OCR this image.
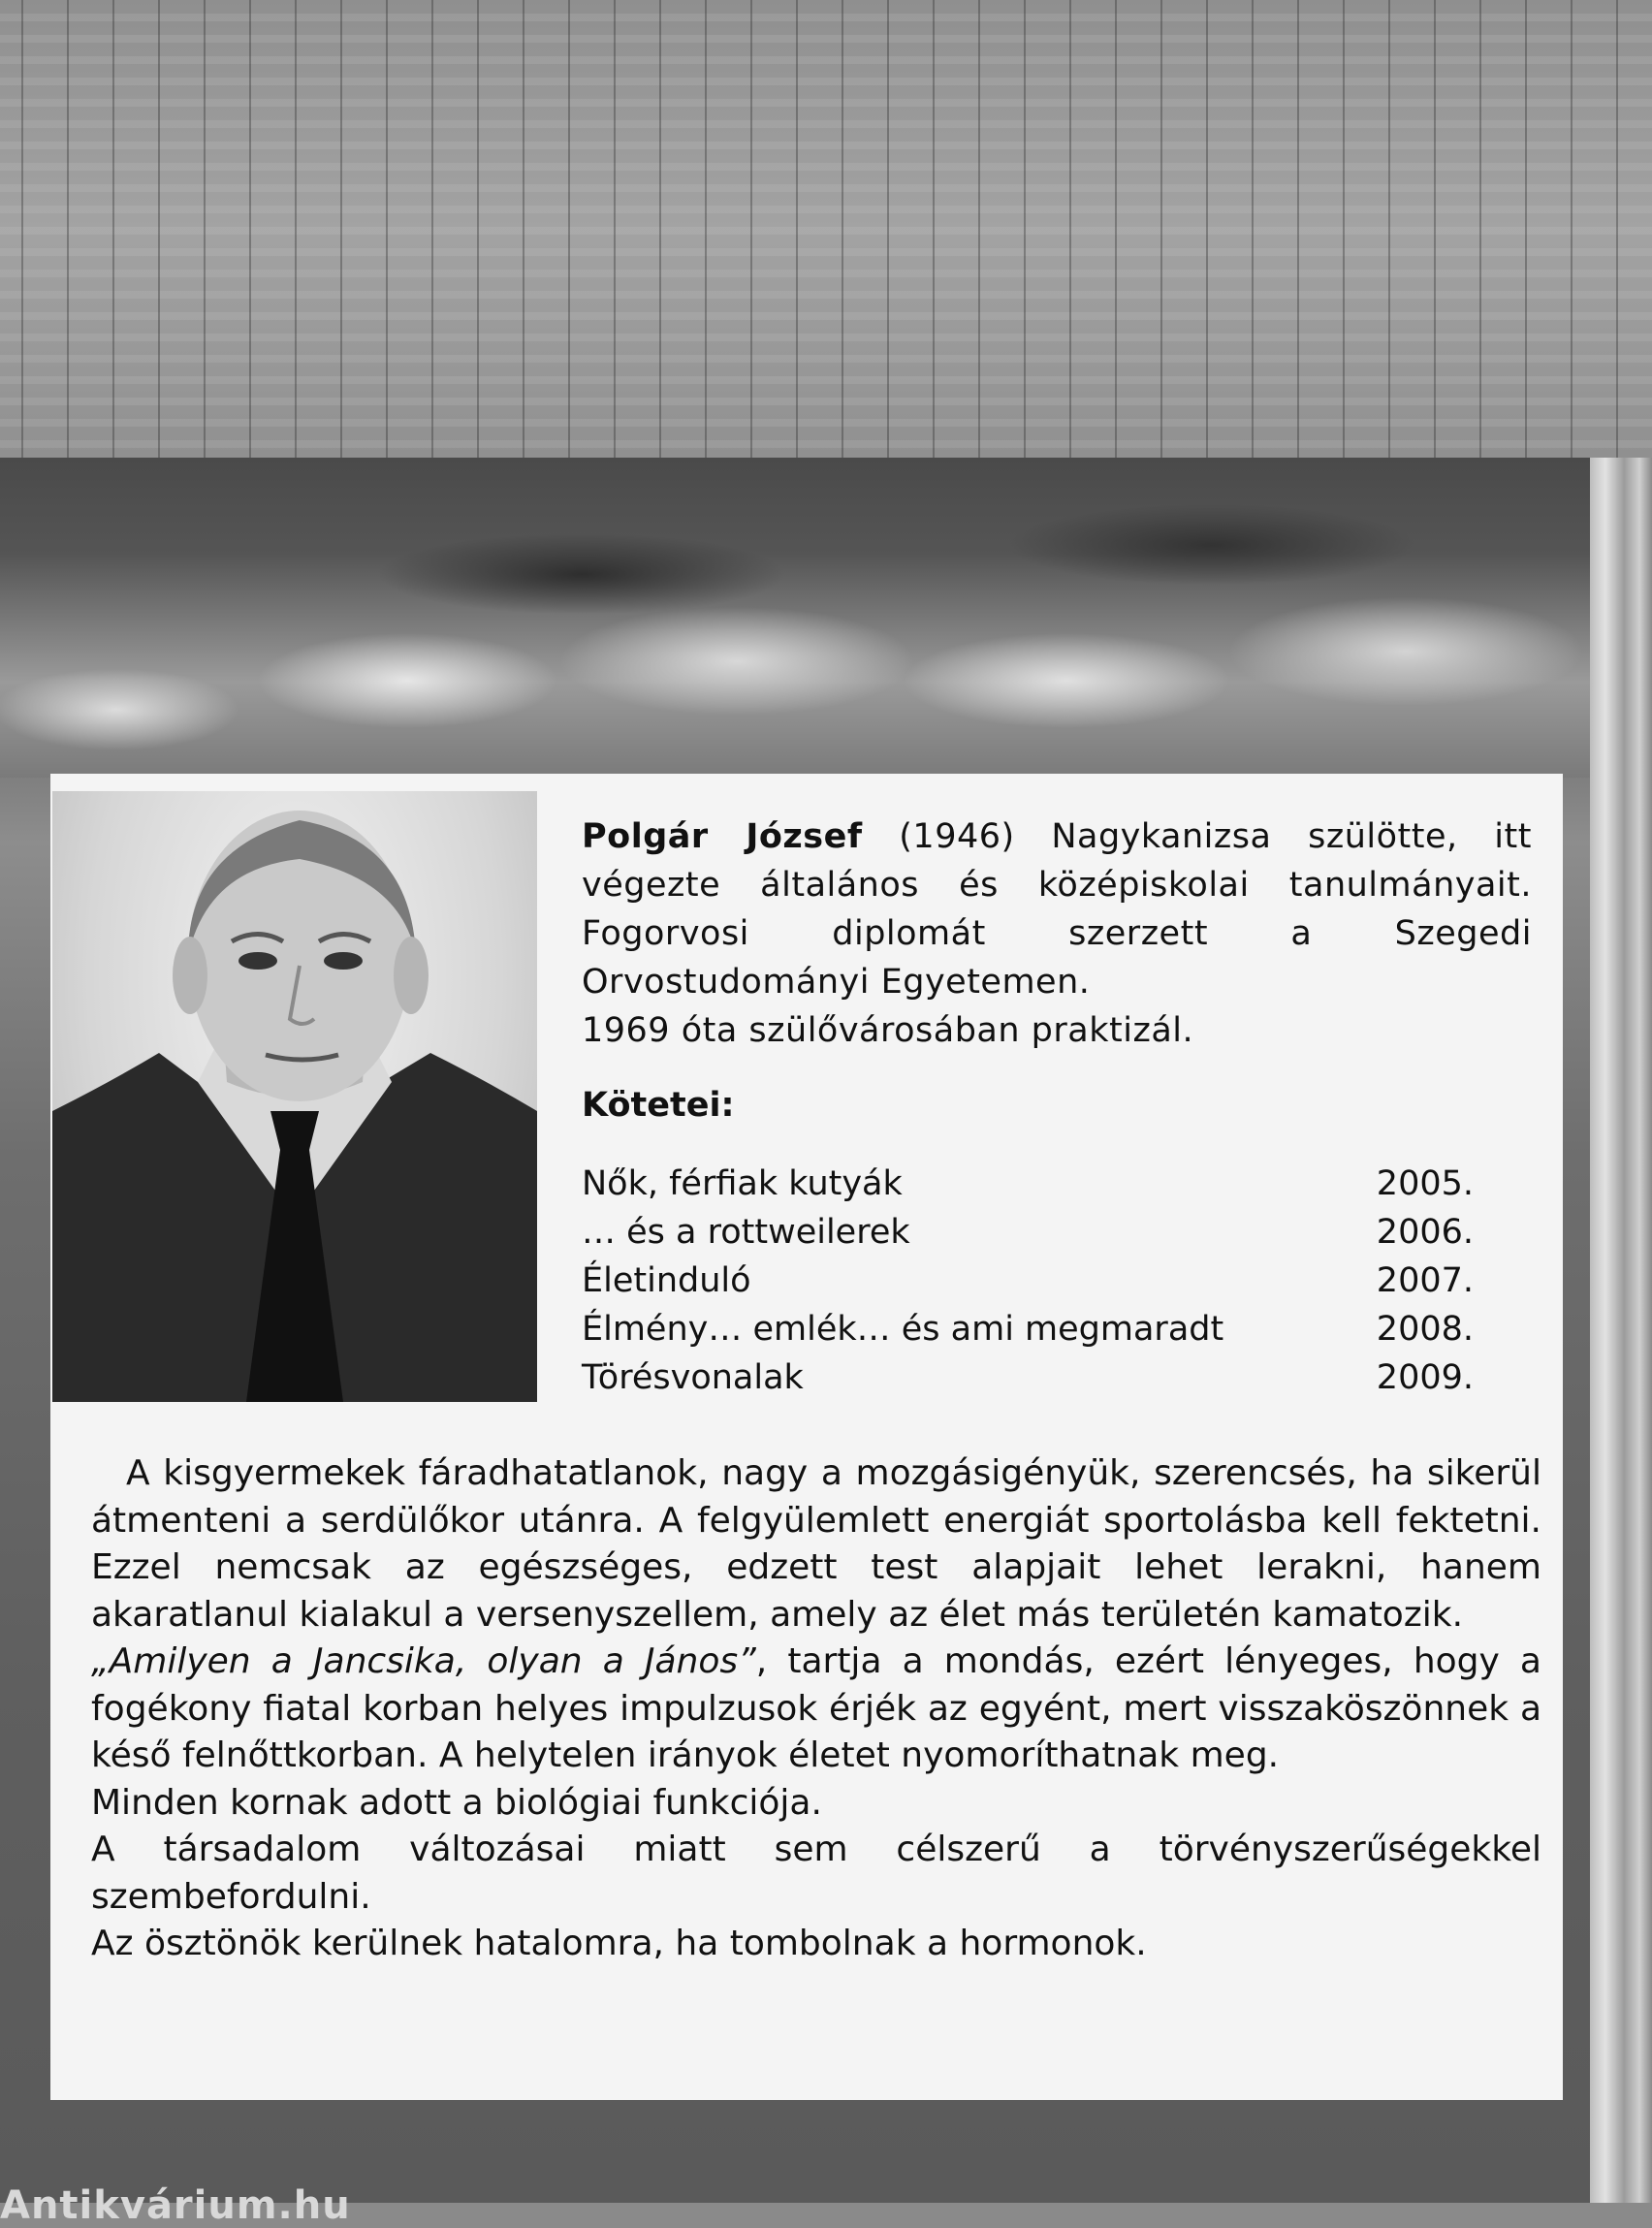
Antikvárium.hu
Polgár József (1946) Nagykanizsa szülötte, itt végezte általános és középiskolai tanulmányait. Fogorvosi diplomát szerzett a Szegedi Orvostudományi Egyetemen.
1969 óta szülővárosában praktizál.
Kötetei:
Nők, férfiak kutyák	2005.
… és a rottweilerek	2006.
Életinduló	2007.
Élmény… emlék… és ami megmaradt	2008.
Törésvonalak	2009.

A kisgyermekek fáradhatatlanok, nagy a mozgásigényük, szerencsés, ha sikerül átmenteni a serdülőkor utánra. A felgyülemlett energiát sportolásba kell fektetni. Ezzel nemcsak az egészséges, edzett test alapjait lehet lerakni, hanem akaratlanul kialakul a versenyszellem, amely az élet más területén kamatozik.

„Amilyen a Jancsika, olyan a János”, tartja a mondás, ezért lényeges, hogy a fogékony fiatal korban helyes impulzusok érjék az egyént, mert visszaköszönnek a késő felnőttkorban. A helytelen irányok életet nyomoríthatnak meg.

Minden kornak adott a biológiai funkciója.

A társadalom változásai miatt sem célszerű a törvényszerűségekkel szembefordulni.

Az ösztönök kerülnek hatalomra, ha tombolnak a hormonok.
